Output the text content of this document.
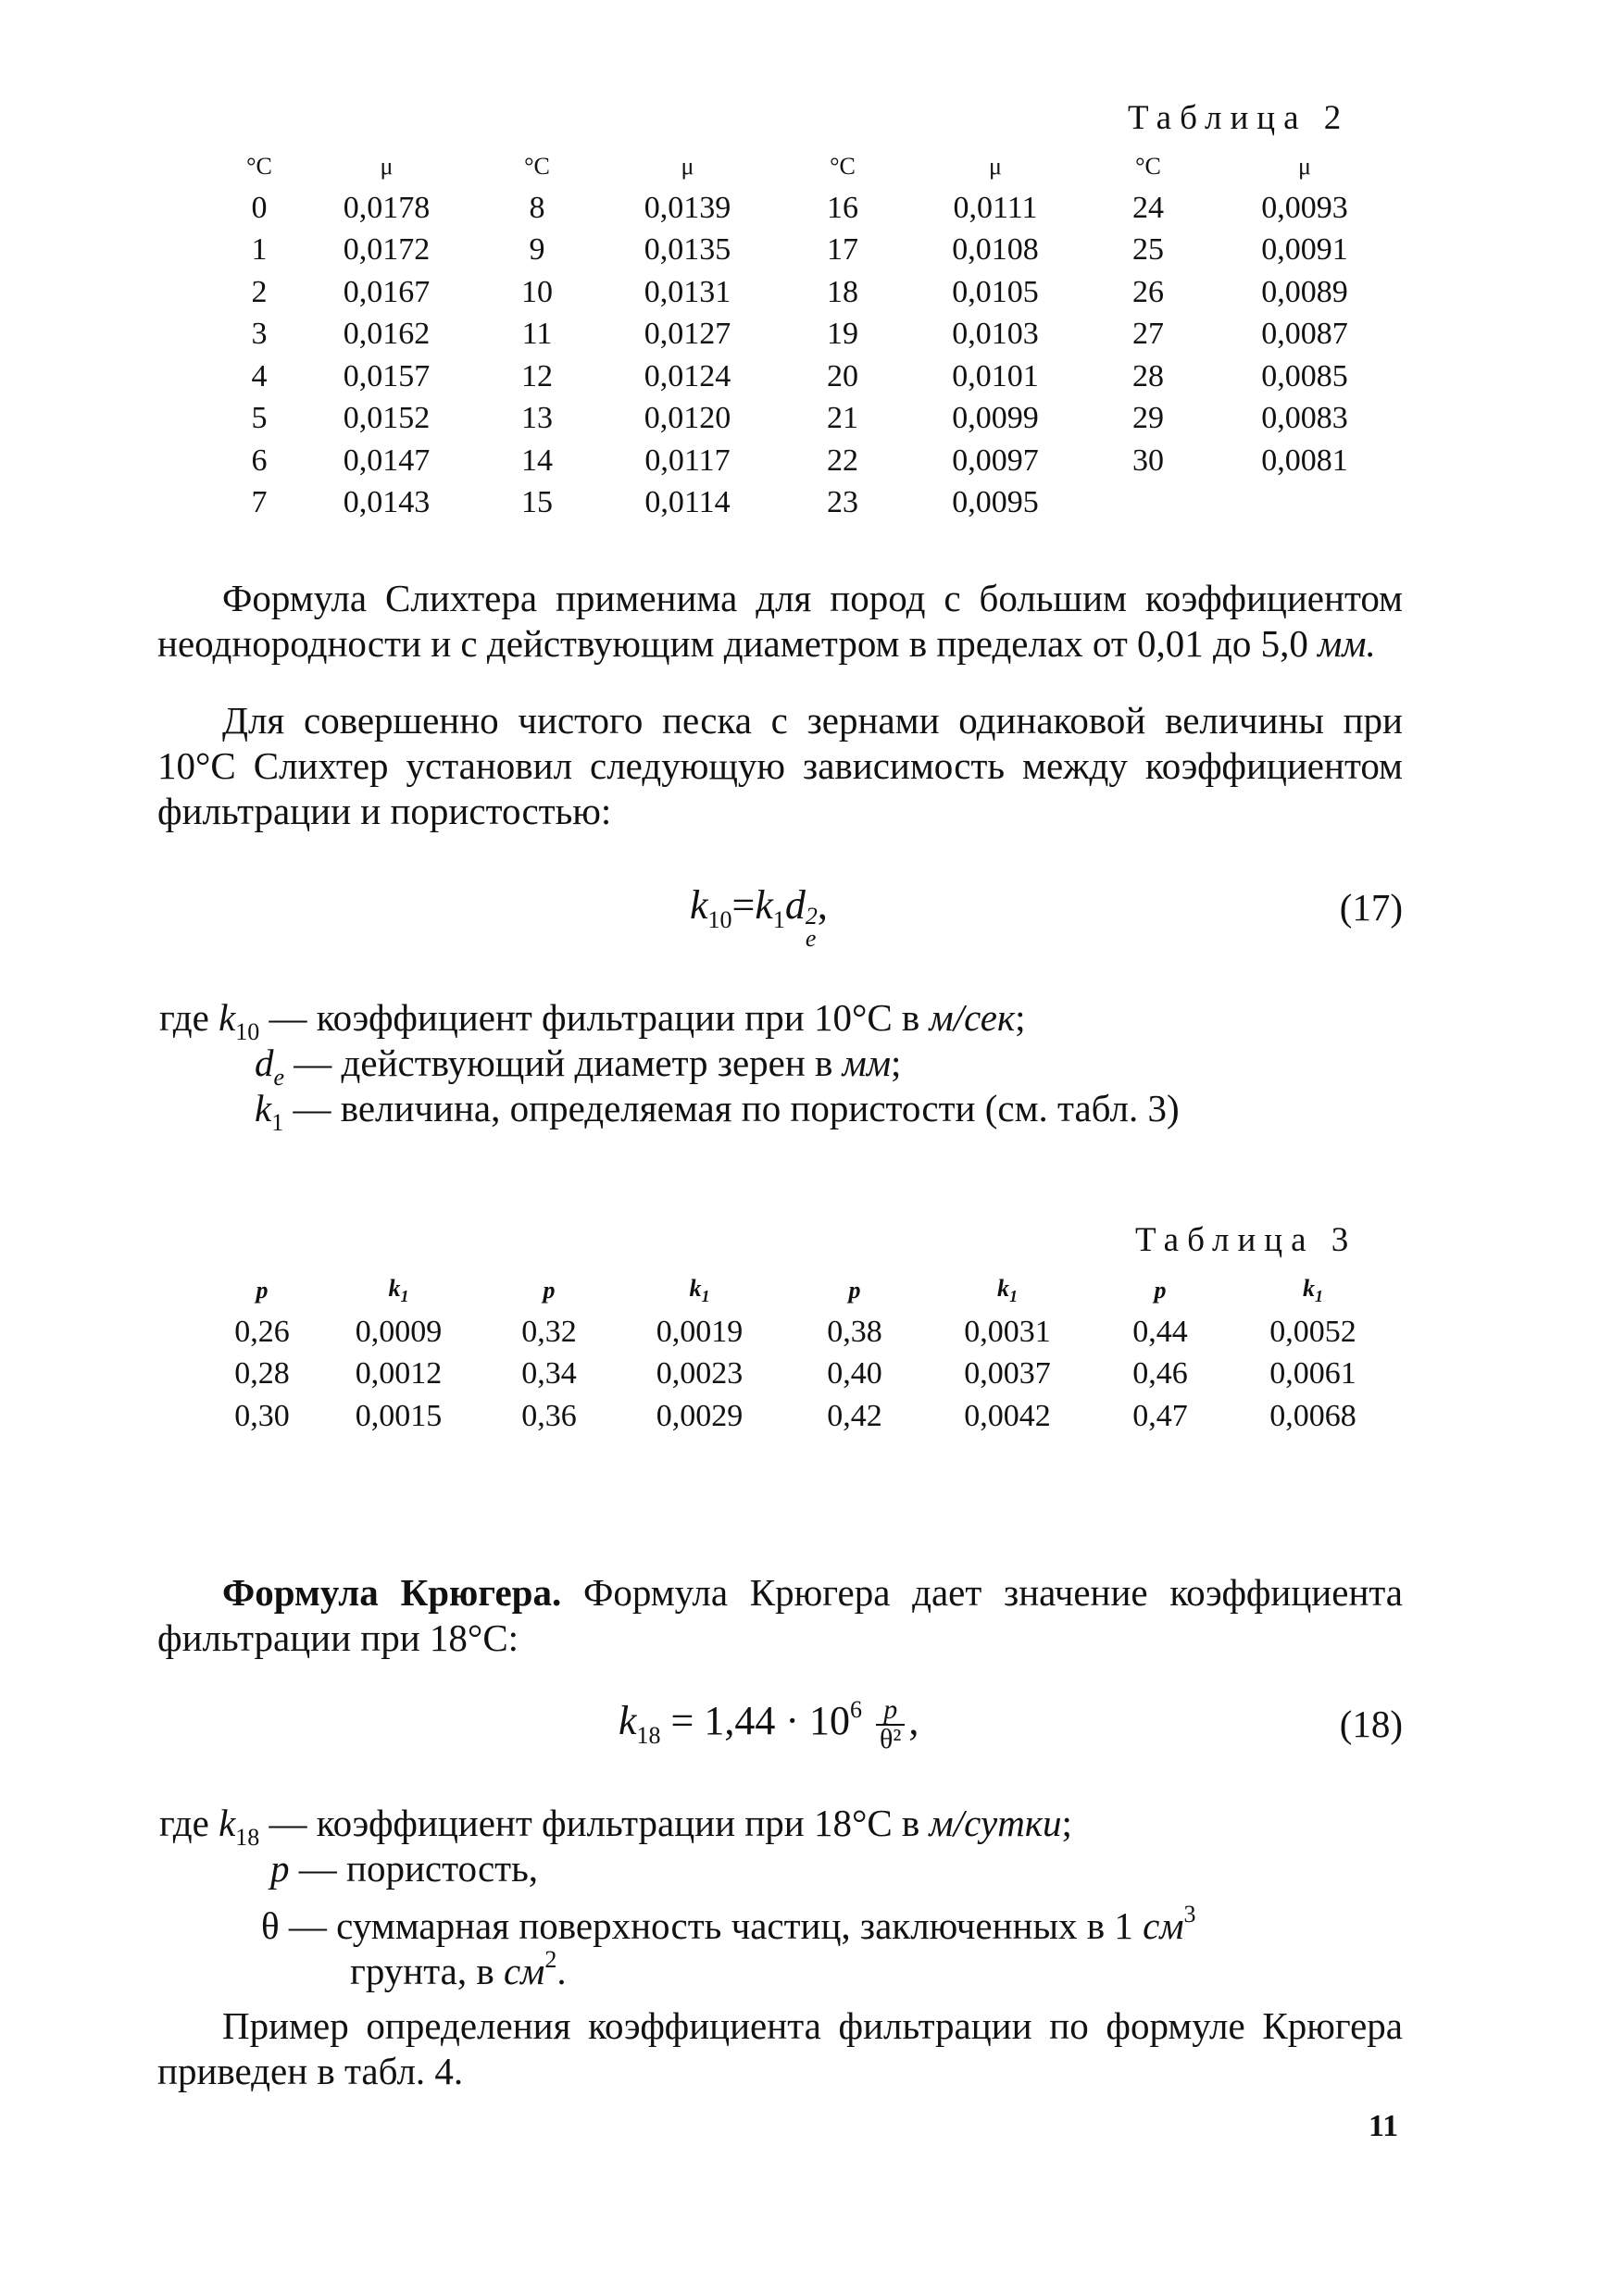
Таблица 2
°С	μ	°С	μ	°С	μ	°С	μ
0	0,0178	8	0,0139	16	0,0111	24	0,0093
1	0,0172	9	0,0135	17	0,0108	25	0,0091
2	0,0167	10	0,0131	18	0,0105	26	0,0089
3	0,0162	11	0,0127	19	0,0103	27	0,0087
4	0,0157	12	0,0124	20	0,0101	28	0,0085
5	0,0152	13	0,0120	21	0,0099	29	0,0083
6	0,0147	14	0,0117	22	0,0097	30	0,0081
7	0,0143	15	0,0114	23	0,0095		

Формула Слихтера применима для пород с большим коэффициентом неоднородности и с действующим диаметром в пределах от 0,01 до 5,0 мм.

Для совершенно чистого песка с зернами одинаковой величины при 10°С Слихтер установил следующую зависимость между коэффициентом фильтрации и пористостью:

$k_{10}=k_1d$ 2
e
,	(17)
где $k_{10}$ — коэффициент фильтрации при 10°С в м/сек;
$d_e$ — действующий диаметр зерен в мм;
$k_1$ — величина, определяемая по пористости (см. табл. 3)
Таблица 3
p	$k_1$	p	$k_1$	p	$k_1$	p	$k_1$
0,26	0,0009	0,32	0,0019	0,38	0,0031	0,44	0,0052
0,28	0,0012	0,34	0,0023	0,40	0,0037	0,46	0,0061
0,30	0,0015	0,36	0,0029	0,42	0,0042	0,47	0,0068

Формула Крюгера. Формула Крюгера дает значение коэффициента фильтрации при 18°С:

$k_{18} = 1,44 \cdot 10^6 \frac{p}{\text{θ²}}$ ,	(18)
где $k_{18}$ — коэффициент фильтрации при 18°С в м/сутки;
p — пористость,
θ — суммарная поверхность частиц, заключенных в 1 $см^3$
грунта, в $см^2$.

Пример определения коэффициента фильтрации по формуле Крюгера приведен в табл. 4.

11
